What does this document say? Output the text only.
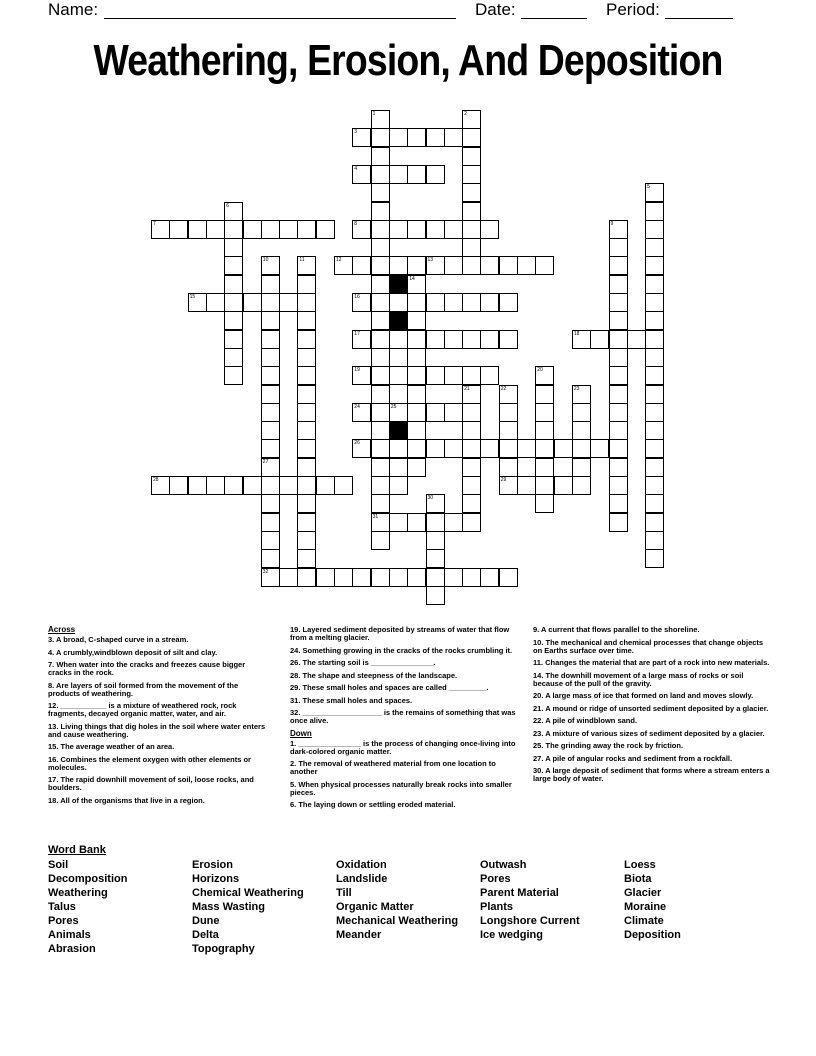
Name:	Date:	Period:
Weathering, Erosion, And Deposition
3
4
7	8
12	13
15	16
17	18
19
24	25
26
28	29
31
32
1	2
5
6
9
10
27
11
14
20
21	22	23
30
Across

3. A broad, C-shaped curve in a stream.

4. A crumbly,windblown deposit of silt and clay.

7. When water into the cracks and freezes cause bigger cracks in the rock.

8. Are layers of soil formed from the movement of the products of weathering.

12. ___________ is a mixture of weathered rock, rock fragments, decayed organic matter, water, and air.

13. Living things that dig holes in the soil where water enters and cause weathering.

15. The average weather of an area.

16. Combines the element oxygen with other elements or molecules.

17. The rapid downhill movement of soil, loose rocks, and boulders.

18. All of the organisms that live in a region.

19. Layered sediment deposited by streams of water that flow from a melting glacier.

24. Something growing in the cracks of the rocks crumbling it.

26. The starting soil is _______________.

28. The shape and steepness of the landscape.

29. These small holes and spaces are called _________.

31. These small holes and spaces.

32. ___________________ is the remains of something that was once alive.

Down

1. _______________ is the process of changing once-living into dark-colored organic matter.

2. The removal of weathered material from one location to another

5. When physical processes naturally break rocks into smaller pieces.

6. The laying down or settling eroded material.

9. A current that flows parallel to the shoreline.

10. The mechanical and chemical processes that change objects on Earths surface over time.

11. Changes the material that are part of a rock into new materials.

14. The downhill movement of a large mass of rocks or soil because of the pull of the gravity.

20. A large mass of ice that formed on land and moves slowly.

21. A mound or ridge of unsorted sediment deposited by a glacier.

22. A pile of windblown sand.

23. A mixture of various sizes of sediment deposited by a glacier.

25. The grinding away the rock by friction.

27. A pile of angular rocks and sediment from a rockfall.

30. A large deposit of sediment that forms where a stream enters a large body of water.

Word Bank
Soil
Decomposition
Weathering
Talus
Pores
Animals
Abrasion
Erosion
Horizons
Chemical Weathering
Mass Wasting
Dune
Delta
Topography
Oxidation
Landslide
Till
Organic Matter
Mechanical Weathering
Meander
Outwash
Pores
Parent Material
Plants
Longshore Current
Ice wedging
Loess
Biota
Glacier
Moraine
Climate
Deposition
